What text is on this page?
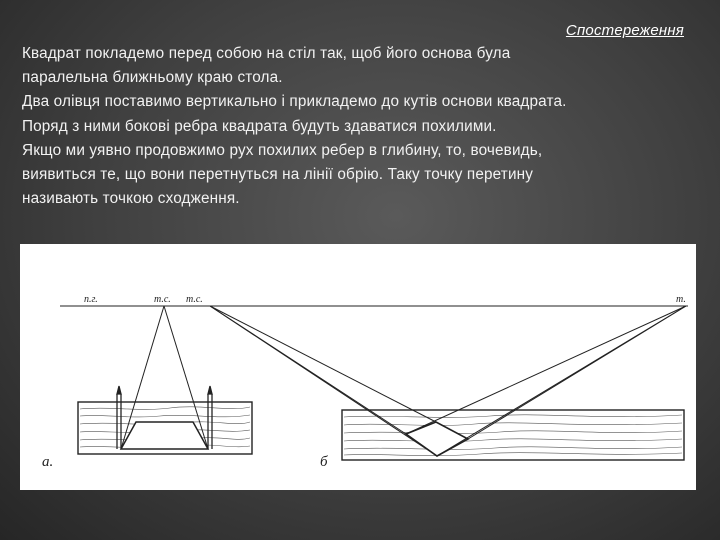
Спостереження

Квадрат покладемо перед собою на стіл так, щоб його основа була

паралельна ближньому краю стола.

Два олівця поставимо вертикально і прикладемо до кутів основи квадрата.

Поряд з ними бокові ребра квадрата будуть здаватися похилими.

Якщо ми уявно продовжимо рух похилих ребер в глибину, то, вочевидь,

виявиться те, що вони перетнуться на лінії обрію. Таку точку перетину

називають точкою сходження.

п.г.	т.с. т.с.	т.
а.	б
